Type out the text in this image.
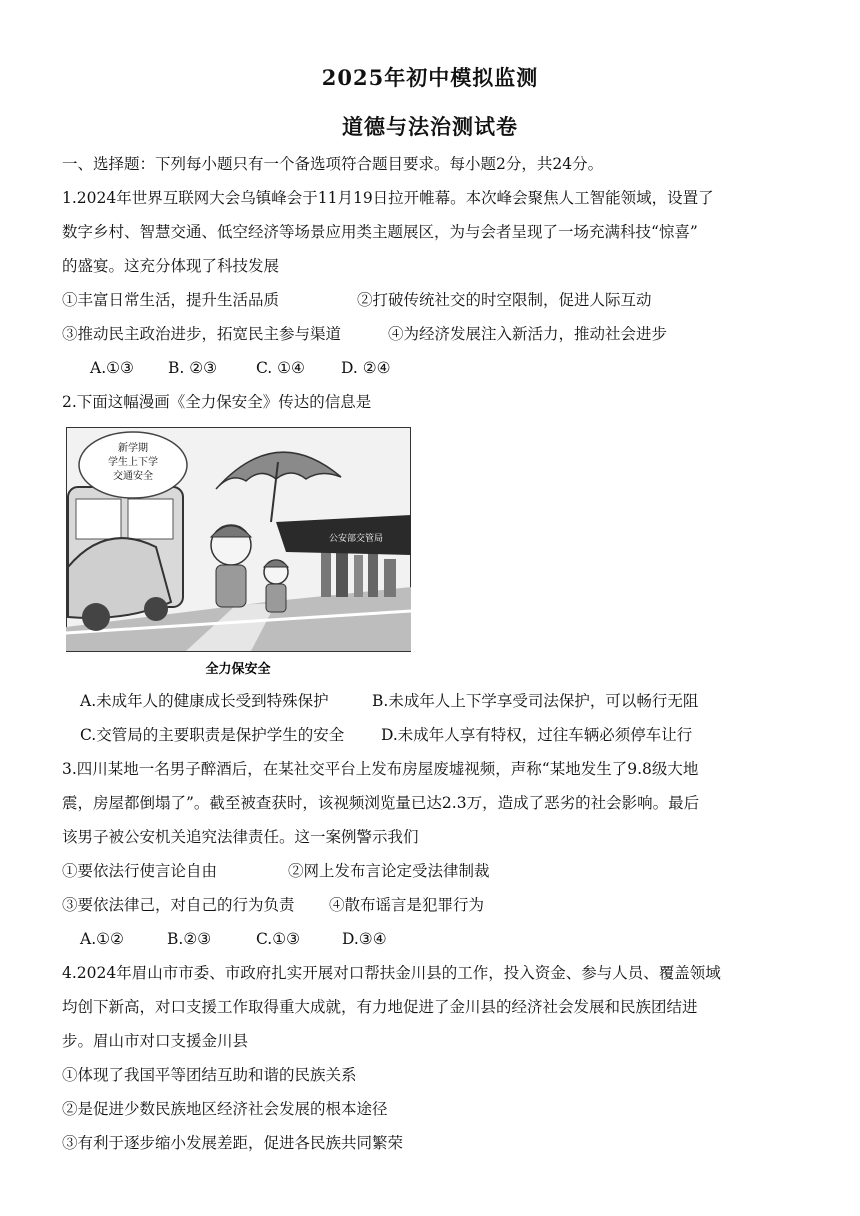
2025年初中模拟监测
道德与法治测试卷
一、选择题：下列每小题只有一个备选项符合题目要求。每小题2分，共24分。
1.2024年世界互联网大会乌镇峰会于11月19日拉开帷幕。本次峰会聚焦人工智能领域，设置了
数字乡村、智慧交通、低空经济等场景应用类主题展区，为与会者呈现了一场充满科技“惊喜”
的盛宴。这充分体现了科技发展
①丰富日常生活，提升生活品质	②打破传统社交的时空限制，促进人际互动
③推动民主政治进步，拓宽民主参与渠道	④为经济发展注入新活力，推动社会进步
A.①③ B. ②③	C. ①④ D. ②④
2.下面这幅漫画《全力保安全》传达的信息是
新学期
学生上下学
交通安全
公安部交管局
全力保安全
A.未成年人的健康成长受到特殊保护	B.未成年人上下学享受司法保护，可以畅行无阻
C.交管局的主要职责是保护学生的安全 D.未成年人享有特权，过往车辆必须停车让行
3.四川某地一名男子醉酒后，在某社交平台上发布房屋废墟视频，声称“某地发生了9.8级大地
震，房屋都倒塌了”。截至被查获时，该视频浏览量已达2.3万，造成了恶劣的社会影响。最后
该男子被公安机关追究法律责任。这一案例警示我们
①要依法行使言论自由	②网上发布言论定受法律制裁
③要依法律己，对自己的行为负责 ④散布谣言是犯罪行为
A.①②	B.②③	C.①③	D.③④
4.2024年眉山市市委、市政府扎实开展对口帮扶金川县的工作，投入资金、参与人员、覆盖领域
均创下新高，对口支援工作取得重大成就，有力地促进了金川县的经济社会发展和民族团结进
步。眉山市对口支援金川县
①体现了我国平等团结互助和谐的民族关系
②是促进少数民族地区经济社会发展的根本途径
③有利于逐步缩小发展差距，促进各民族共同繁荣
